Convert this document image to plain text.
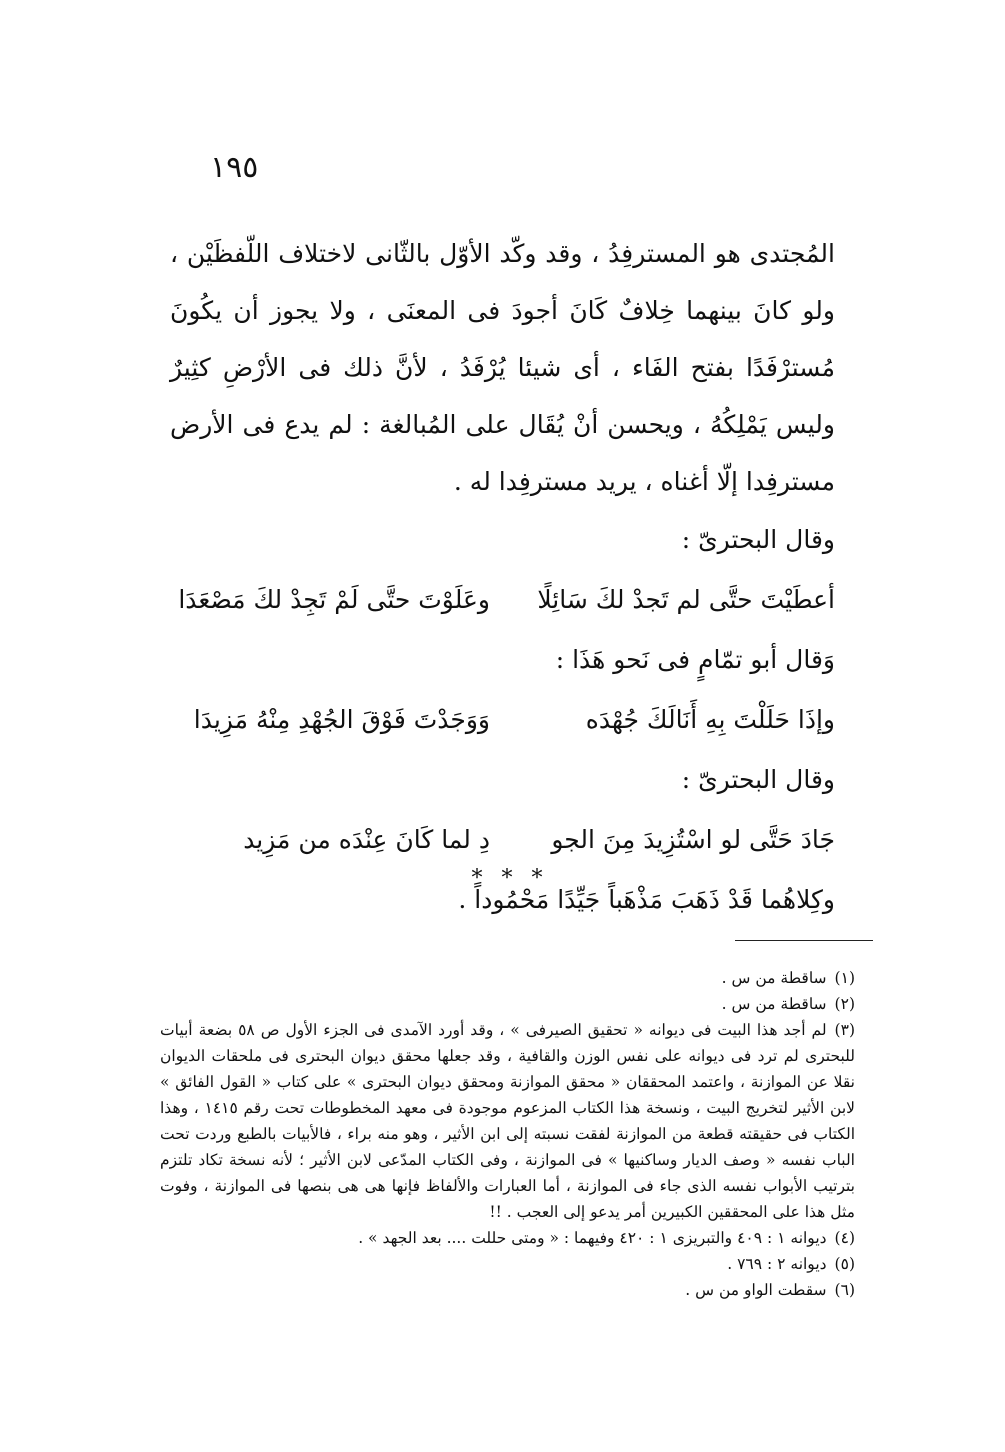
١٩٥

المُجتدى هو المسترفِدُ ، وقد وكّد الأوّل بالثّانى لاختلاف اللّفظَيْن ، ولو كانَ بينهما خِلافٌ كَانَ أجودَ فى المعنَى ، ولا يجوز أن يكُونَ مُسترْفَدًا بفتح الفَاء ، أى شيئا يُرْفَدُ ، لأنَّ ذلك فى الأرْضِ كثِيرٌ وليس يَمْلِكُهُ ، ويحسن أنْ يُقَال على المُبالغة : لم يدع فى الأرض مسترفِدا إلّا أغناه ، يريد مسترفِدا له .

وقال البحترىّ :

أعطَيْتَ حتَّى لم تَجدْ لكَ سَائِلًا
وعَلَوْتَ حتَّى لَمْ تَجِدْ لكَ مَصْعَدَا

وَقال أبو تمّامٍ فى نَحو هَذَا :

وإذَا حَلَلْتَ بِهِ أَنَالَكَ جُهْدَه
وَوَجَدْتَ فَوْقَ الجُهْدِ مِنْهُ مَزِيدَا

وقال البحترىّ :

جَادَ حَتَّى لو اسْتُزِيدَ مِنَ الجو
دِ لما كَانَ عِنْدَه من مَزِيد

وكِلاهُما قَدْ ذَهَبَ مَذْهَباً جَيِّدًا مَحْمُوداً .

* * *

(١)ساقطة من س .

(٢)ساقطة من س .

(٣)لم أجد هذا البيت فى ديوانه « تحقيق الصيرفى » ، وقد أورد الآمدى فى الجزء الأول ص ٥٨ بضعة أبيات للبحترى لم ترد فى ديوانه على نفس الوزن والقافية ، وقد جعلها محقق ديوان البحترى فى ملحقات الديوان نقلا عن الموازنة ، واعتمد المحققان « محقق الموازنة ومحقق ديوان البحترى » على كتاب « القول الفائق » لابن الأثير لتخريج البيت ، ونسخة هذا الكتاب المزعوم موجودة فى معهد المخطوطات تحت رقم ١٤١٥ ، وهذا الكتاب فى حقيقته قطعة من الموازنة لفقت نسبته إلى ابن الأثير ، وهو منه براء ، فالأبيات بالطبع وردت تحت الباب نفسه « وصف الديار وساكنيها » فى الموازنة ، وفى الكتاب المدّعى لابن الأثير ؛ لأنه نسخة تكاد تلتزم بترتيب الأبواب نفسه الذى جاء فى الموازنة ، أما العبارات والألفاظ فإنها هى هى بنصها فى الموازنة ، وفوت مثل هذا على المحققين الكبيرين أمر يدعو إلى العجب . !!

(٤)ديوانه ١ : ٤٠٩ والتبريزى ١ : ٤٢٠ وفيهما : « ومتى حللت .... بعد الجهد » .

(٥)ديوانه ٢ : ٧٦٩ .

(٦)سقطت الواو من س .
